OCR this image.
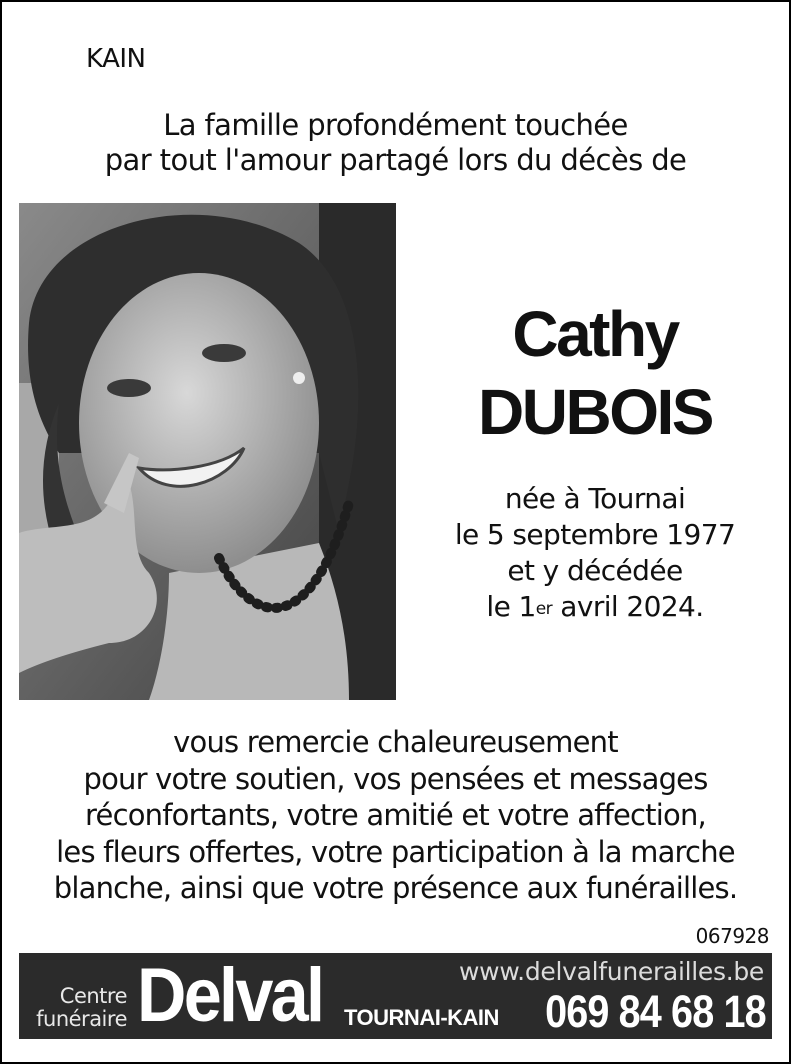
KAIN
La famille profondément touchée
par tout l'amour partagé lors du décès de
Cathy
DUBOIS
née à Tournai
le 5 septembre 1977
et y décédée
le 1er avril 2024.
vous remercie chaleureusement
pour votre soutien, vos pensées et messages
réconfortants, votre amitié et votre affection,
les fleurs offertes, votre participation à la marche
blanche, ainsi que votre présence aux funérailles.
067928
Centre
funéraire Delval TOURNAI-KAIN
www.delvalfunerailles.be
069 84 68 18
